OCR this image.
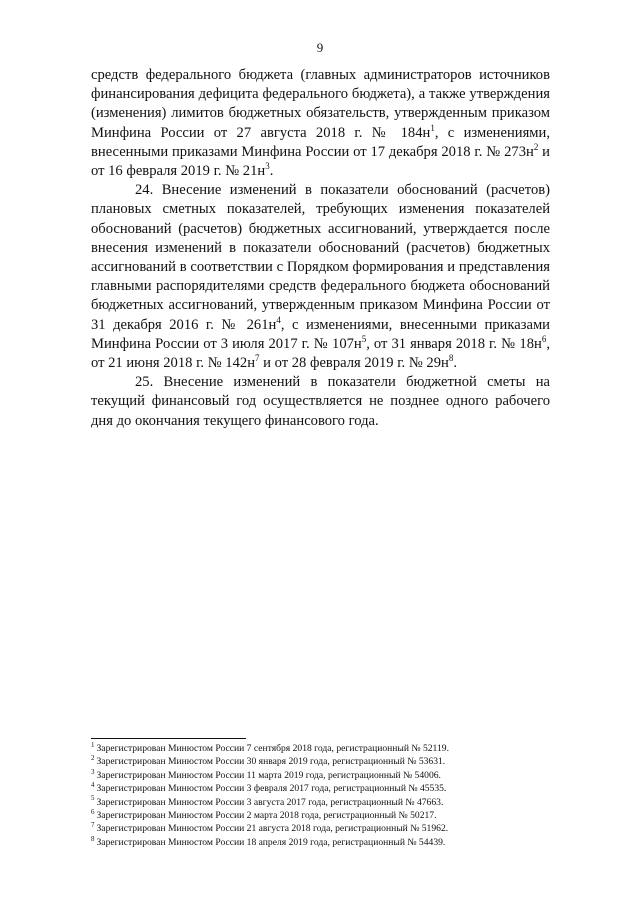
9

средств федерального бюджета (главных администраторов источников финансирования дефицита федерального бюджета), а также утверждения (изменения) лимитов бюджетных обязательств, утвержденным приказом Минфина России от 27 августа 2018 г. № $184н^1$, с изменениями, внесенными приказами Минфина России от 17 декабря 2018 г. № $273н^2$ и от 16 февраля 2019 г. № $21н^3$.

24. Внесение изменений в показатели обоснований (расчетов) плановых сметных показателей, требующих изменения показателей обоснований (расчетов) бюджетных ассигнований, утверждается после внесения изменений в показатели обоснований (расчетов) бюджетных ассигнований в соответствии с Порядком формирования и представления главными распорядителями средств федерального бюджета обоснований бюджетных ассигнований, утвержденным приказом Минфина России от 31 декабря 2016 г. № $261н^4$, с изменениями, внесенными приказами Минфина России от 3 июля 2017 г. № $107н^5$, от 31 января 2018 г. № $18н^6$, от 21 июня 2018 г. № $142н^7$ и от 28 февраля 2019 г. № $29н^8$.

25. Внесение изменений в показатели бюджетной сметы на текущий финансовый год осуществляется не позднее одного рабочего дня до окончания текущего финансового года.

$^1$ Зарегистрирован Минюстом России 7 сентября 2018 года, регистрационный № 52119.
$^2$ Зарегистрирован Минюстом России 30 января 2019 года, регистрационный № 53631.
$^3$ Зарегистрирован Минюстом России 11 марта 2019 года, регистрационный № 54006.
$^4$ Зарегистрирован Минюстом России 3 февраля 2017 года, регистрационный № 45535.
$^5$ Зарегистрирован Минюстом России 3 августа 2017 года, регистрационный № 47663.
$^6$ Зарегистрирован Минюстом России 2 марта 2018 года, регистрационный № 50217.
$^7$ Зарегистрирован Минюстом России 21 августа 2018 года, регистрационный № 51962.
$^8$ Зарегистрирован Минюстом России 18 апреля 2019 года, регистрационный № 54439.
